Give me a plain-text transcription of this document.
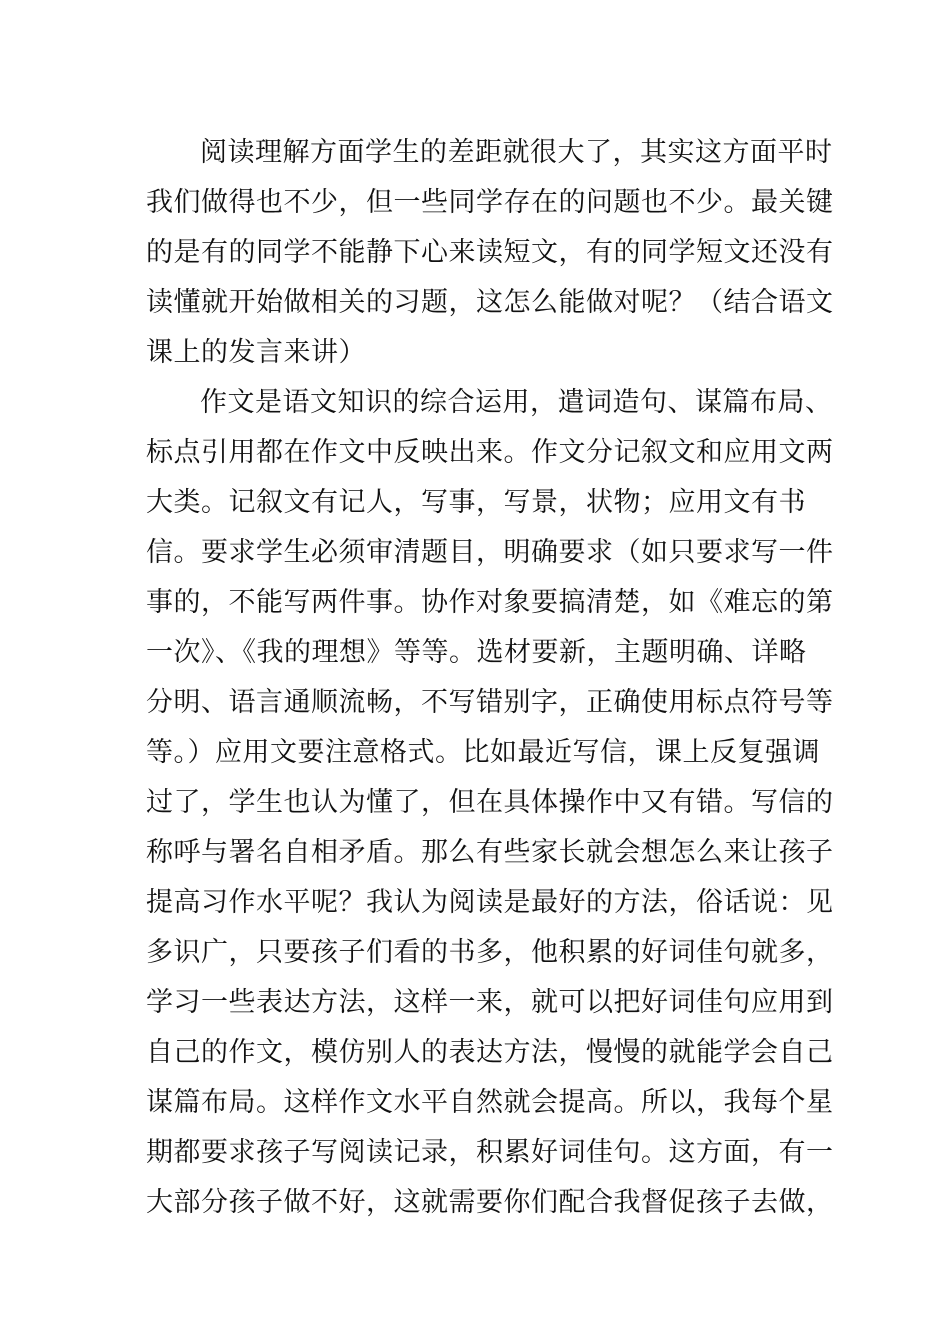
阅读理解方面学生的差距就很大了，其实这方面平时
我们做得也不少，但一些同学存在的问题也不少。最关键
的是有的同学不能静下心来读短文，有的同学短文还没有
读懂就开始做相关的习题，这怎么能做对呢？（结合语文
课上的发言来讲）

作文是语文知识的综合运用，遣词造句、谋篇布局、
标点引用都在作文中反映出来。作文分记叙文和应用文两
大类。记叙文有记人，写事，写景，状物；应用文有书
信。要求学生必须审清题目，明确要求（如只要求写一件
事的，不能写两件事。协作对象要搞清楚，如《难忘的第
一次》、《我的理想》等等。选材要新，主题明确、详略
分明、语言通顺流畅，不写错别字，正确使用标点符号等
等。）应用文要注意格式。比如最近写信，课上反复强调
过了，学生也认为懂了，但在具体操作中又有错。写信的
称呼与署名自相矛盾。那么有些家长就会想怎么来让孩子
提高习作水平呢？我认为阅读是最好的方法，俗话说：见
多识广，只要孩子们看的书多，他积累的好词佳句就多，
学习一些表达方法，这样一来，就可以把好词佳句应用到
自己的作文，模仿别人的表达方法，慢慢的就能学会自己
谋篇布局。这样作文水平自然就会提高。所以，我每个星
期都要求孩子写阅读记录，积累好词佳句。这方面，有一
大部分孩子做不好，这就需要你们配合我督促孩子去做，
